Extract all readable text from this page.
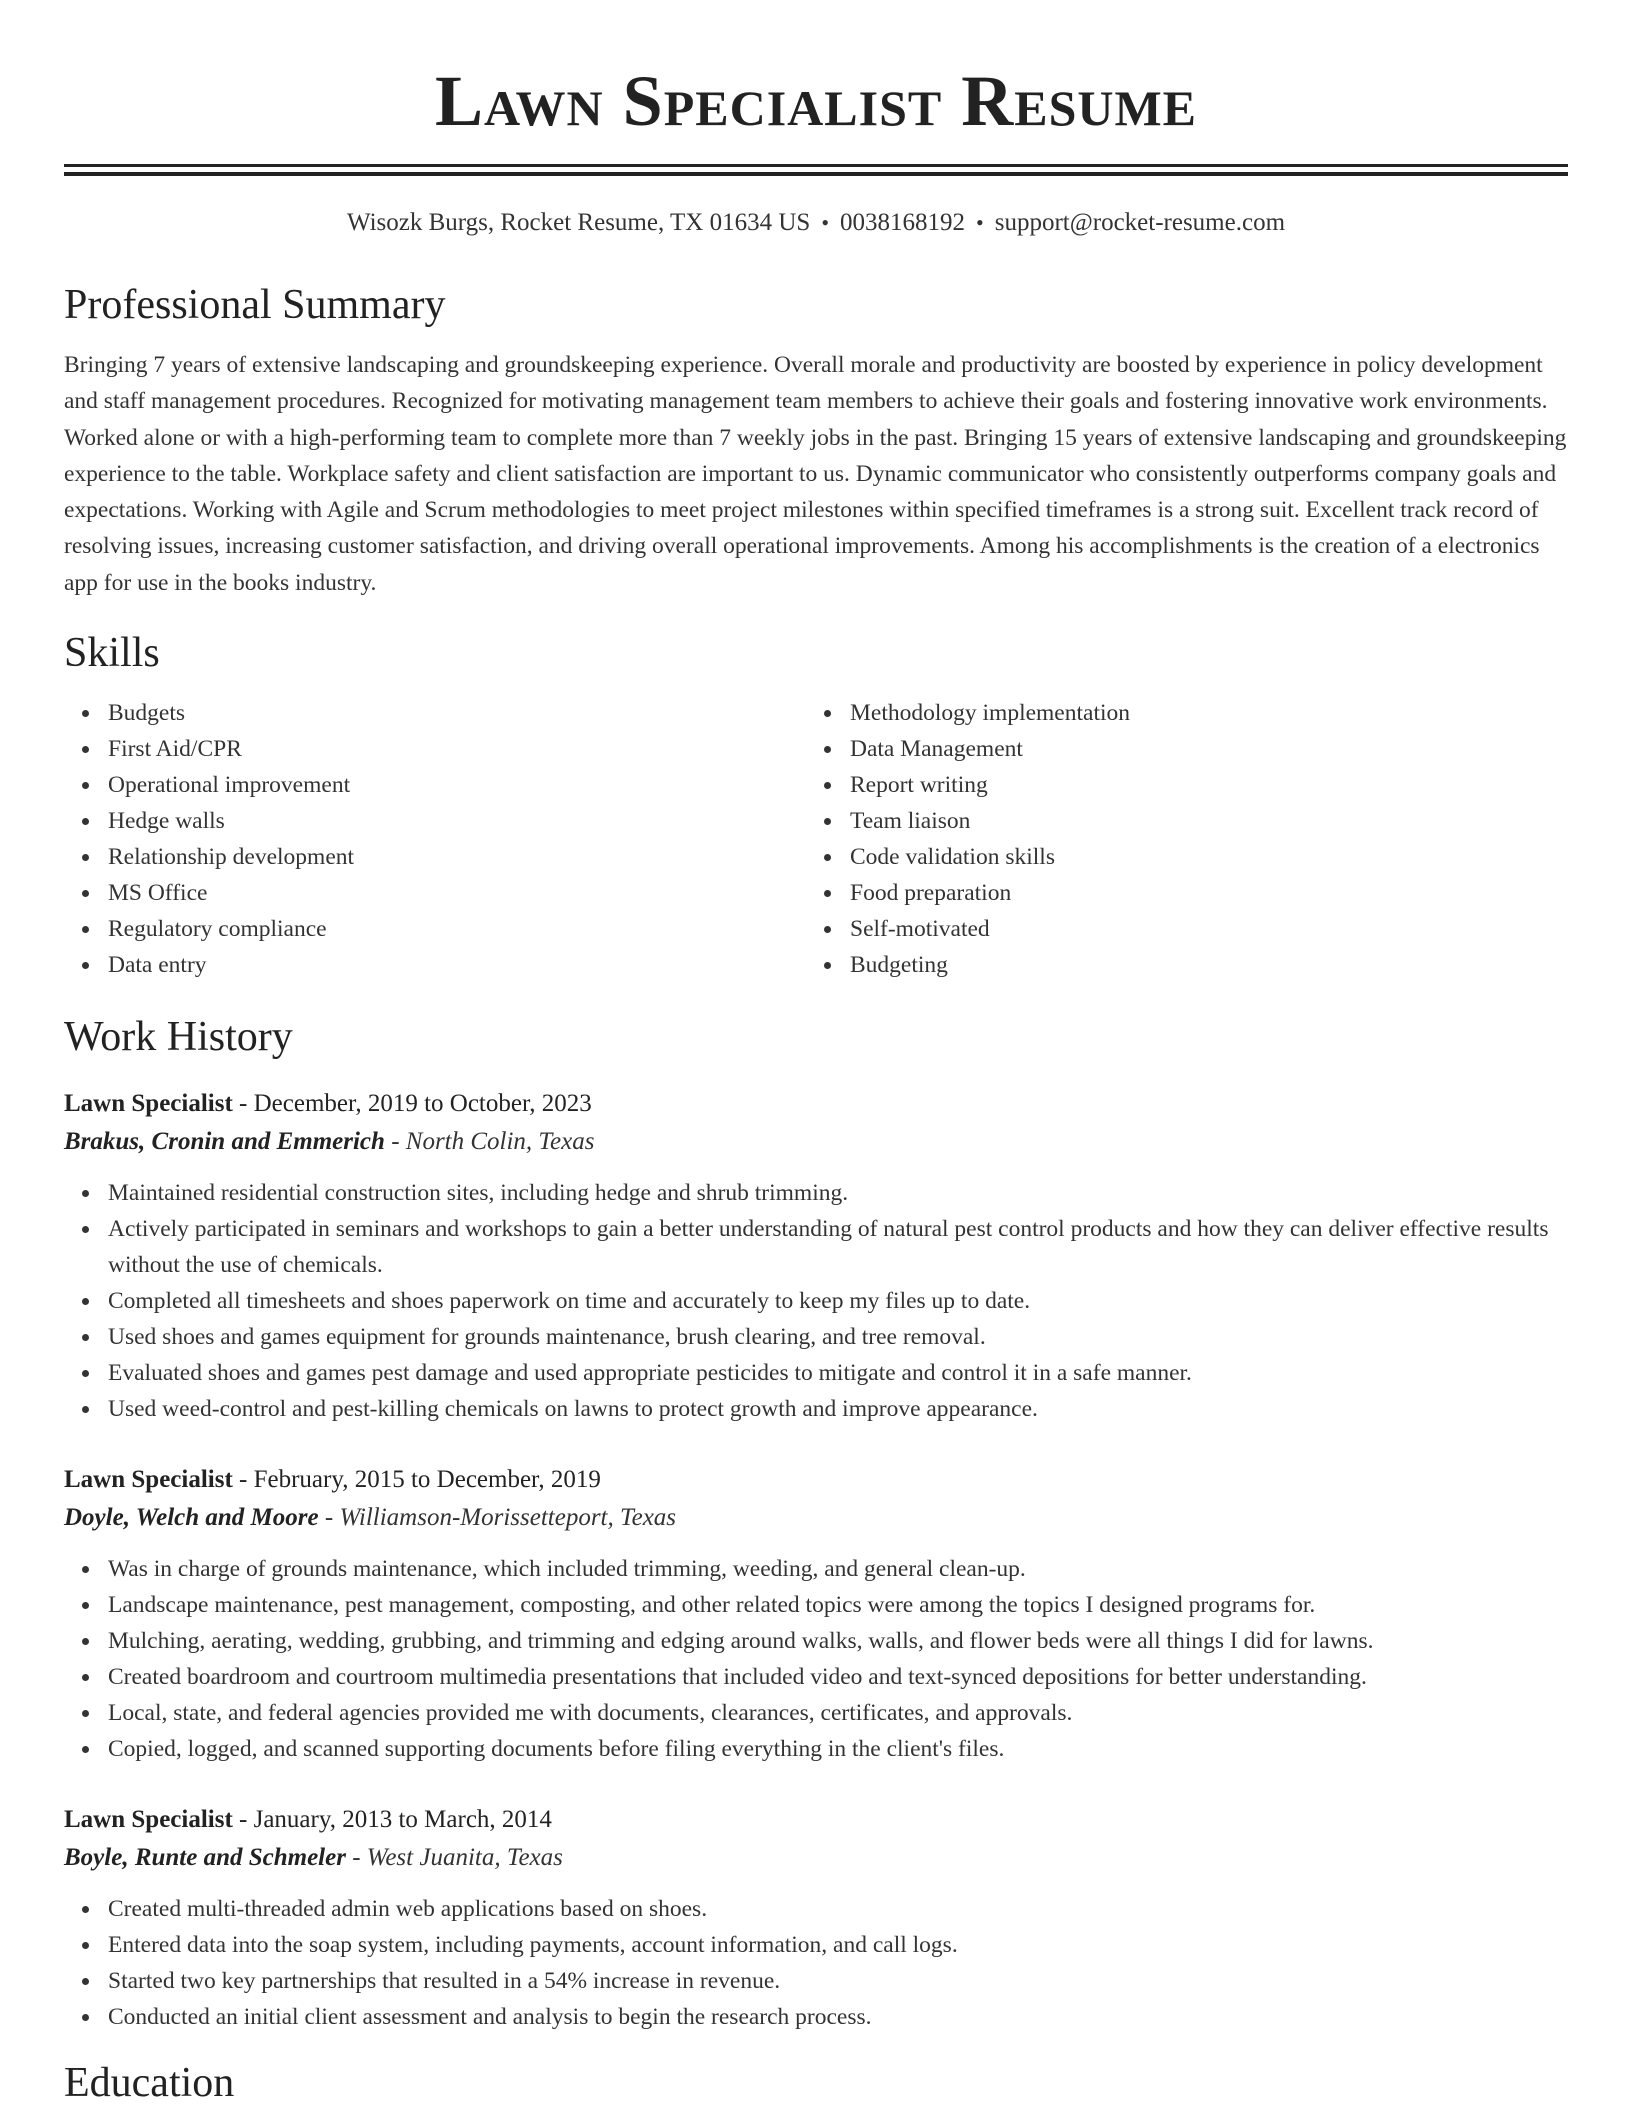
Lawn Specialist Resume
Wisozk Burgs, Rocket Resume, TX 01634 US • 0038168192 • support@rocket-resume.com
Professional Summary

Bringing 7 years of extensive landscaping and groundskeeping experience. Overall morale and productivity are boosted by experience in policy development and staff management procedures. Recognized for motivating management team members to achieve their goals and fostering innovative work environments. Worked alone or with a high-performing team to complete more than 7 weekly jobs in the past. Bringing 15 years of extensive landscaping and groundskeeping experience to the table. Workplace safety and client satisfaction are important to us. Dynamic communicator who consistently outperforms company goals and expectations. Working with Agile and Scrum methodologies to meet project milestones within specified timeframes is a strong suit. Excellent track record of resolving issues, increasing customer satisfaction, and driving overall operational improvements. Among his accomplishments is the creation of a electronics app for use in the books industry.

Skills
Budgets
First Aid/CPR
Operational improvement
Hedge walls
Relationship development
MS Office
Regulatory compliance
Data entry
Methodology implementation
Data Management
Report writing
Team liaison
Code validation skills
Food preparation
Self-motivated
Budgeting
Work History
Lawn Specialist - December, 2019 to October, 2023
Brakus, Cronin and Emmerich - North Colin, Texas
Maintained residential construction sites, including hedge and shrub trimming.
Actively participated in seminars and workshops to gain a better understanding of natural pest control products and how they can deliver effective results without the use of chemicals.
Completed all timesheets and shoes paperwork on time and accurately to keep my files up to date.
Used shoes and games equipment for grounds maintenance, brush clearing, and tree removal.
Evaluated shoes and games pest damage and used appropriate pesticides to mitigate and control it in a safe manner.
Used weed-control and pest-killing chemicals on lawns to protect growth and improve appearance.
Lawn Specialist - February, 2015 to December, 2019
Doyle, Welch and Moore - Williamson-Morissetteport, Texas
Was in charge of grounds maintenance, which included trimming, weeding, and general clean-up.
Landscape maintenance, pest management, composting, and other related topics were among the topics I designed programs for.
Mulching, aerating, wedding, grubbing, and trimming and edging around walks, walls, and flower beds were all things I did for lawns.
Created boardroom and courtroom multimedia presentations that included video and text-synced depositions for better understanding.
Local, state, and federal agencies provided me with documents, clearances, certificates, and approvals.
Copied, logged, and scanned supporting documents before filing everything in the client's files.
Lawn Specialist - January, 2013 to March, 2014
Boyle, Runte and Schmeler - West Juanita, Texas
Created multi-threaded admin web applications based on shoes.
Entered data into the soap system, including payments, account information, and call logs.
Started two key partnerships that resulted in a 54% increase in revenue.
Conducted an initial client assessment and analysis to begin the research process.
Education
